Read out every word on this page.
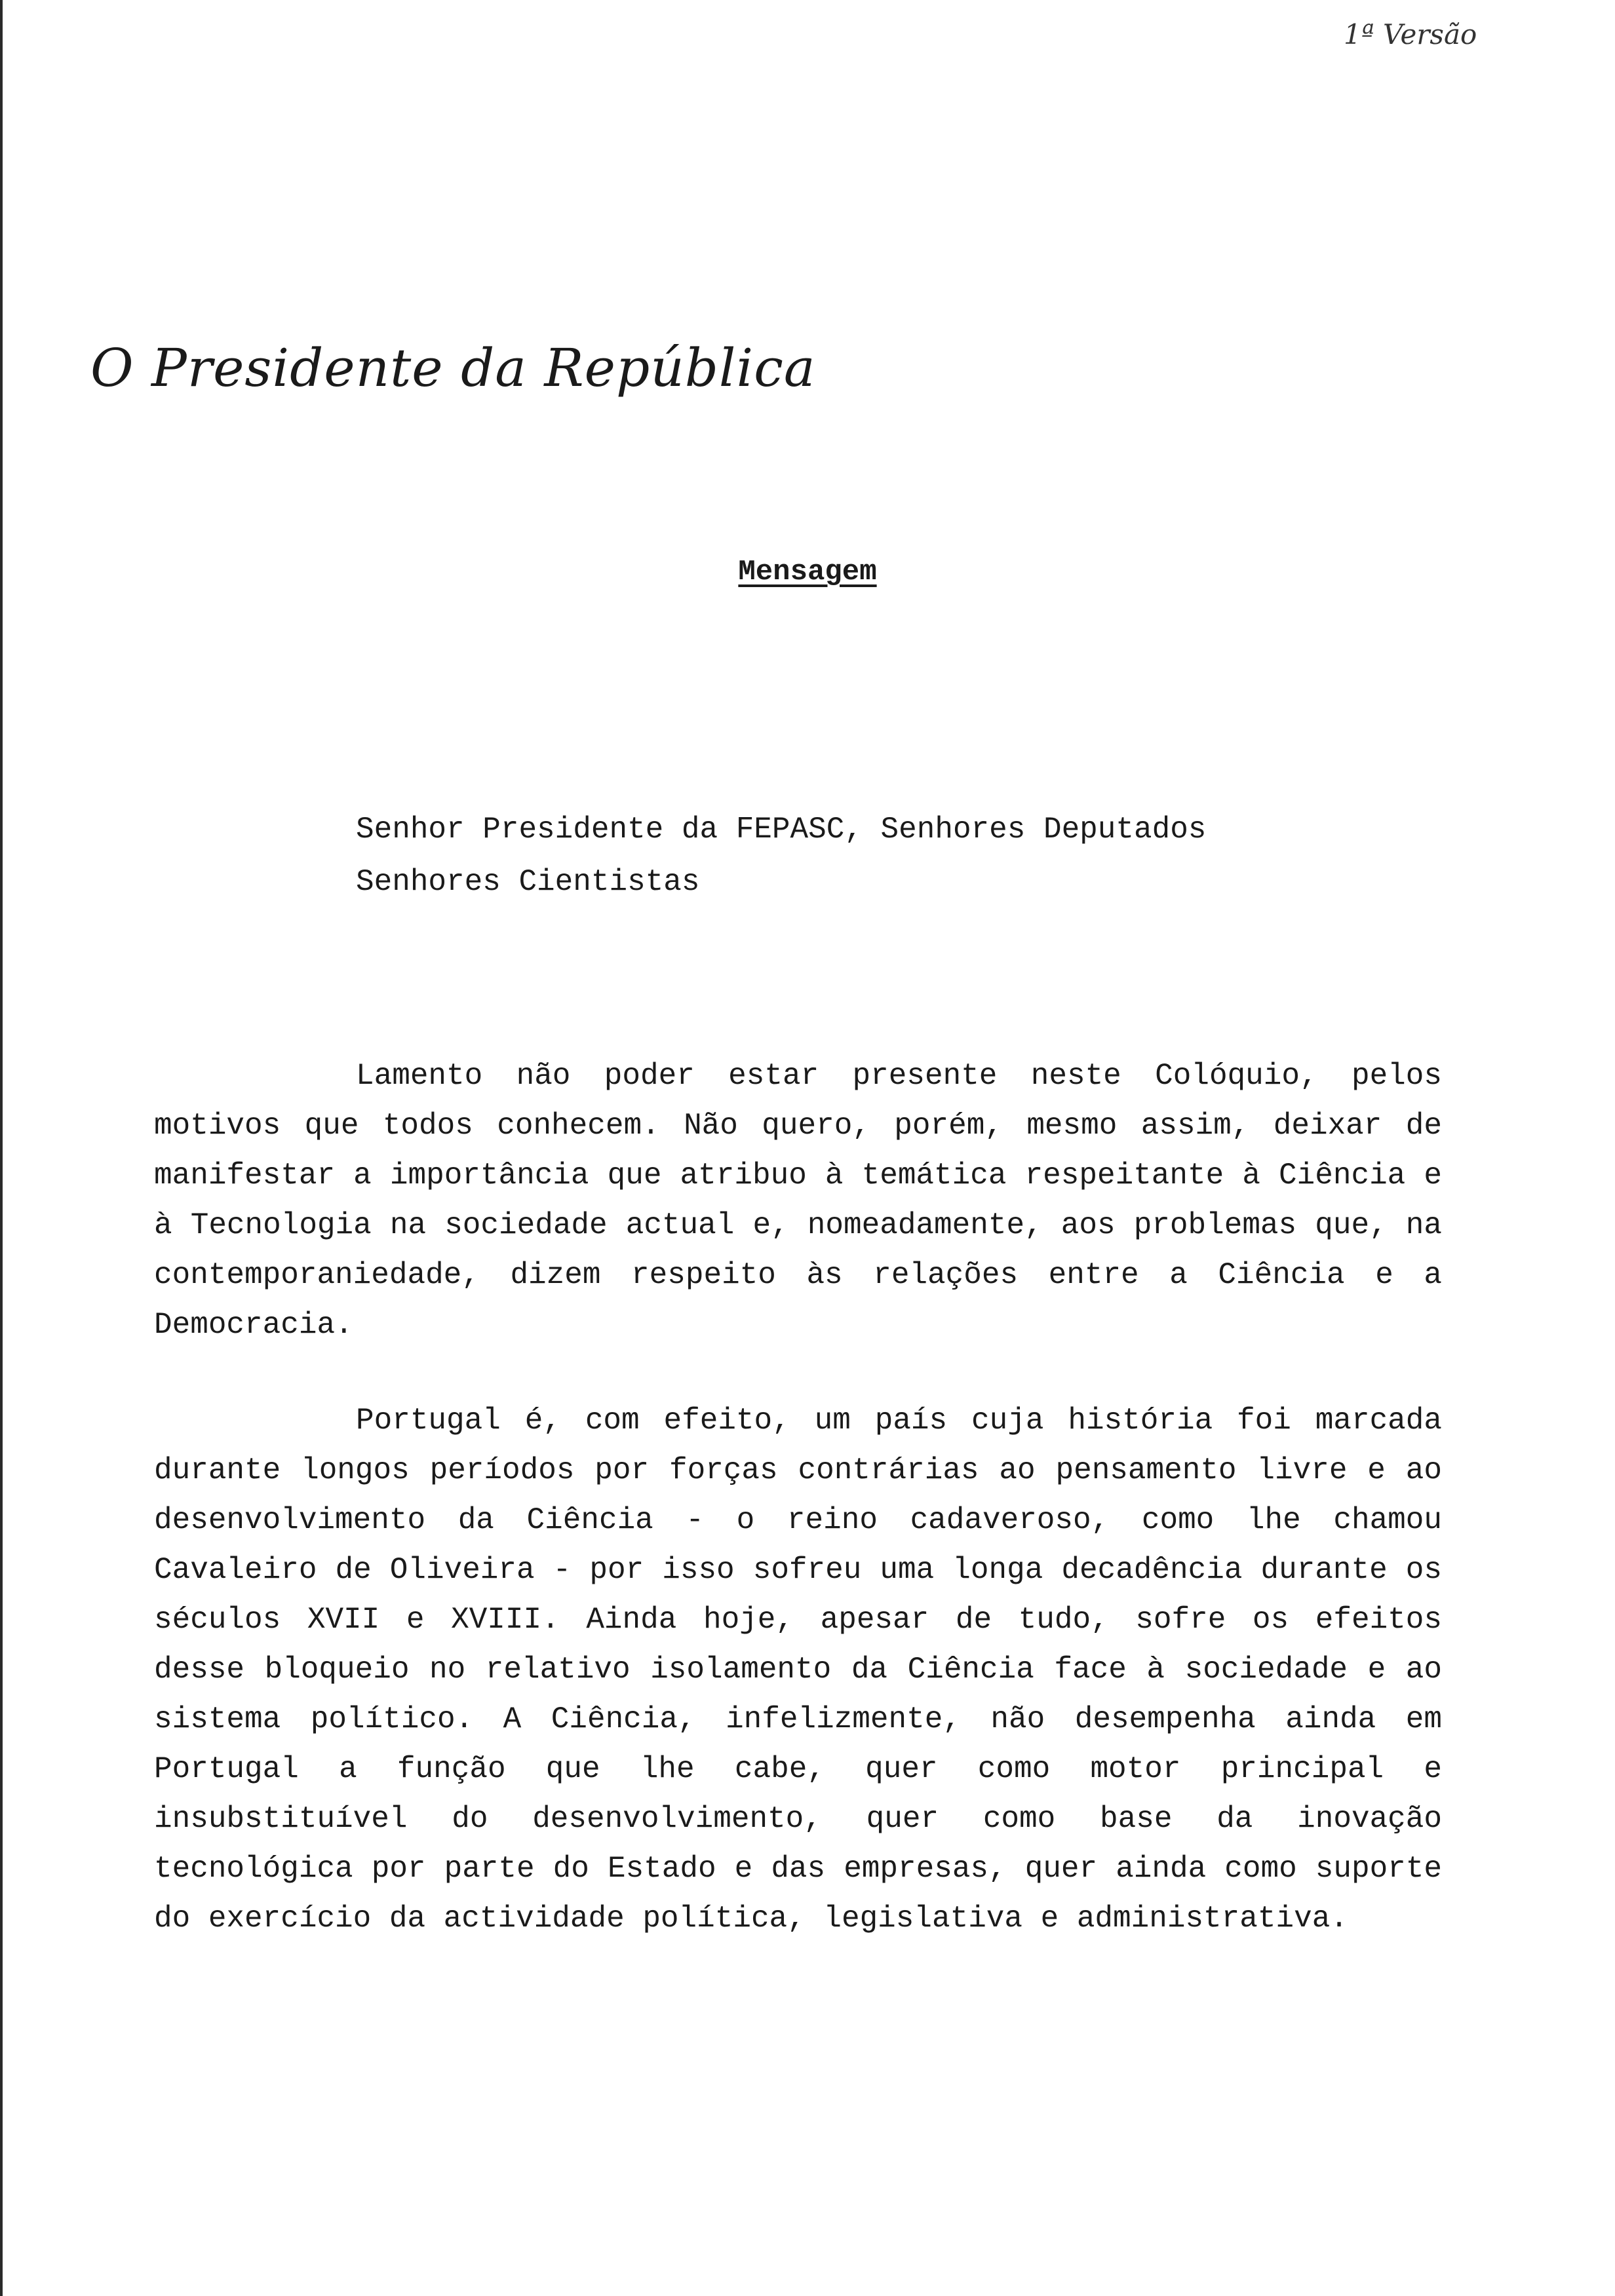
1ª Versão
O Presidente da República
Mensagem
Senhor Presidente da FEPASC, Senhores Deputados
Senhores Cientistas

Lamento não poder estar presente neste Colóquio, pelos motivos que todos conhecem. Não quero, porém, mesmo assim, deixar de manifestar a importância que atribuo à temática respeitante à Ciência e à Tecnologia na sociedade actual e, nomeadamente, aos problemas que, na contemporaniedade, dizem respeito às relações entre a Ciência e a Democracia.

Portugal é, com efeito, um país cuja história foi marcada durante longos períodos por forças contrárias ao pensamento livre e ao desenvolvimento da Ciência - o reino cadaveroso, como lhe chamou Cavaleiro de Oliveira - por isso sofreu uma longa decadência durante os séculos XVII e XVIII. Ainda hoje, apesar de tudo, sofre os efeitos desse bloqueio no relativo isolamento da Ciência face à sociedade e ao sistema político. A Ciência, infelizmente, não desempenha ainda em Portugal a função que lhe cabe, quer como motor principal e insubstituível do desenvolvimento, quer como base da inovação tecnológica por parte do Estado e das empresas, quer ainda como suporte do exercício da actividade política, legislativa e administrativa.
